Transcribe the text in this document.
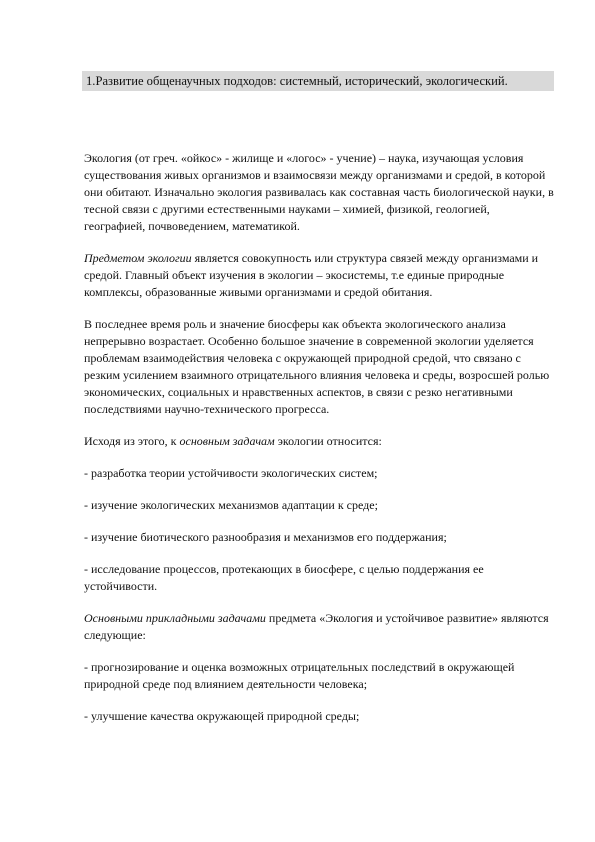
1.Развитие общенаучных подходов: системный, исторический, экологический.

Экология (от греч. «ойкос» - жилище и «логос» - учение) – наука, изучающая условия существования живых организмов и взаимосвязи между организмами и средой, в которой они обитают. Изначально экология развивалась как составная часть биологической науки, в тесной связи с другими естественными науками – химией, физикой, геологией, географией, почвоведением, математикой.

Предметом экологии является совокупность или структура связей между организмами и средой. Главный объект изучения в экологии – экосистемы, т.е единые природные комплексы, образованные живыми организмами и средой обитания.

В последнее время роль и значение биосферы как объекта экологического анализа непрерывно возрастает. Особенно большое значение в современной экологии уделяется проблемам взаимодействия человека с окружающей природной средой, что связано с резким усилением взаимного отрицательного влияния человека и среды, возросшей ролью экономических, социальных и нравственных аспектов, в связи с резко негативными последствиями научно-технического прогресса.

Исходя из этого, к основным задачам экологии относится:

- разработка теории устойчивости экологических систем;

- изучение экологических механизмов адаптации к среде;

- изучение биотического разнообразия и механизмов его поддержания;

- исследование процессов, протекающих в биосфере, с целью поддержания ее устойчивости.

Основными прикладными задачами предмета «Экология и устойчивое развитие» являются следующие:

- прогнозирование и оценка возможных отрицательных последствий в окружающей природной среде под влиянием деятельности человека;

- улучшение качества окружающей природной среды;
